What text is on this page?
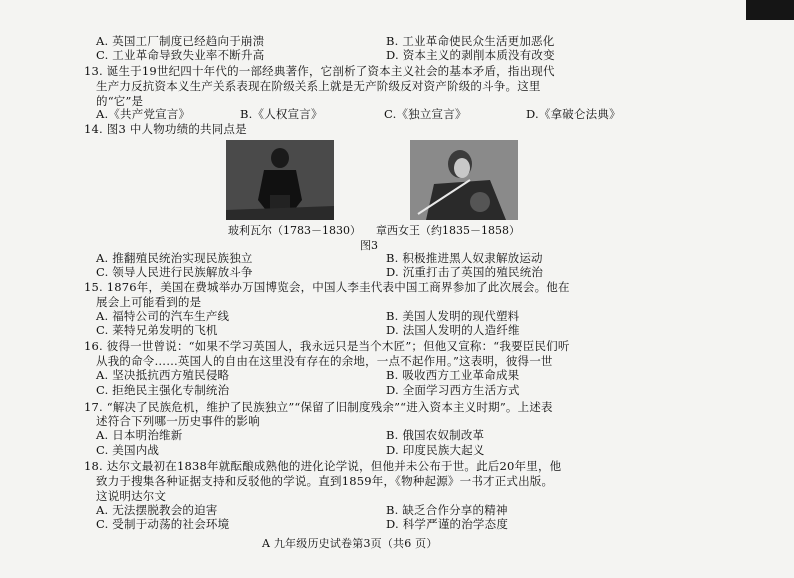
A. 英国工厂制度已经趋向于崩溃	B. 工业革命使民众生活更加恶化
C. 工业革命导致失业率不断升高	D. 资本主义的剥削本质没有改变
13. 诞生于19世纪四十年代的一部经典著作，它剖析了资本主义社会的基本矛盾，指出现代
生产力反抗资本义生产关系表现在阶级关系上就是无产阶级反对资产阶级的斗争。这里
的“它”是
A.《共产党宣言》	B.《人权宣言》	C.《独立宣言》	D.《拿破仑法典》
14. 图3 中人物功绩的共同点是
玻利瓦尔（1783－1830） 章西女王（约1835－1858）
图3
A. 推翻殖民统治实现民族独立	B. 积极推进黑人奴隶解放运动
C. 领导人民进行民族解放斗争	D. 沉重打击了英国的殖民统治
15. 1876年，美国在费城举办万国博览会，中国人李圭代表中国工商界参加了此次展会。他在
展会上可能看到的是
A. 福特公司的汽车生产线	B. 美国人发明的现代塑料
C. 莱特兄弟发明的飞机	D. 法国人发明的人造纤维
16. 彼得一世曾说：“如果不学习英国人，我永远只是当个木匠”；但他又宣称：“我要臣民们听
从我的命令……英国人的自由在这里没有存在的余地，一点不起作用。”这表明，彼得一世
A. 坚决抵抗西方殖民侵略	B. 吸收西方工业革命成果
C. 拒绝民主强化专制统治	D. 全面学习西方生活方式
17. “解决了民族危机，维护了民族独立”“保留了旧制度残余”“进入资本主义时期”。上述表
述符合下列哪一历史事件的影响
A. 日本明治维新	B. 俄国农奴制改革
C. 美国内战	D. 印度民族大起义
18. 达尔文最初在1838年就酝酿成熟他的进化论学说，但他并未公布于世。此后20年里，他
致力于搜集各种证据支持和反驳他的学说。直到1859年，《物种起源》一书才正式出版。
这说明达尔文
A. 无法摆脱教会的迫害	B. 缺乏合作分享的精神
C. 受制于动荡的社会环境	D. 科学严谨的治学态度
A 九年级历史试卷第3页（共6 页）
